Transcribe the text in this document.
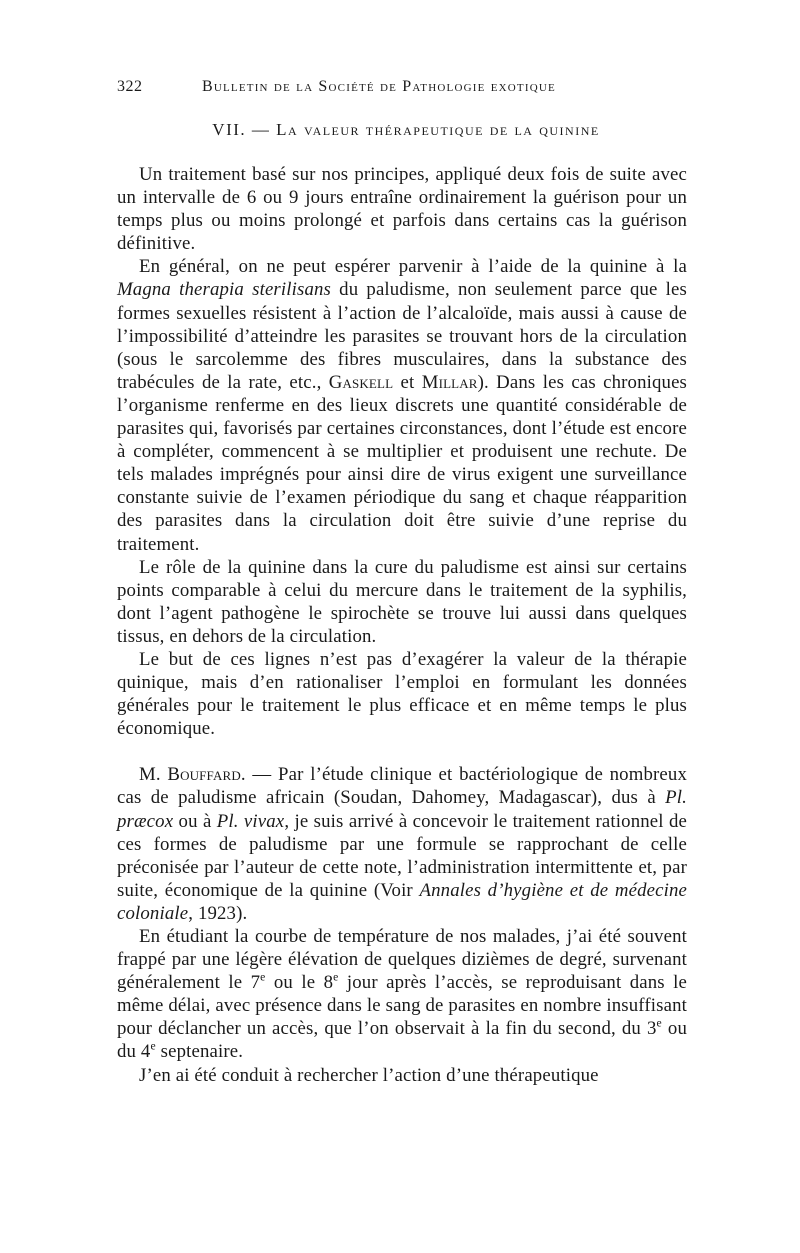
322	Bulletin de la Société de Pathologie exotique
VII. — La valeur thérapeutique de la quinine

Un traitement basé sur nos principes, appliqué deux fois de suite avec un intervalle de 6 ou 9 jours entraîne ordinairement la guérison pour un temps plus ou moins prolongé et parfois dans certains cas la guérison définitive.

En général, on ne peut espérer parvenir à l’aide de la quinine à la Magna therapia sterilisans du paludisme, non seulement parce que les formes sexuelles résistent à l’action de l’alcaloïde, mais aussi à cause de l’impossibilité d’atteindre les parasites se trouvant hors de la circulation (sous le sarcolemme des fibres musculaires, dans la substance des trabécules de la rate, etc., Gaskell et Millar). Dans les cas chroniques l’organisme renferme en des lieux discrets une quantité considérable de parasites qui, favorisés par certaines circonstances, dont l’étude est encore à compléter, commencent à se multiplier et produisent une rechute. De tels malades imprégnés pour ainsi dire de virus exigent une surveillance constante suivie de l’examen périodique du sang et chaque réapparition des parasites dans la circulation doit être suivie d’une reprise du traitement.

Le rôle de la quinine dans la cure du paludisme est ainsi sur certains points comparable à celui du mercure dans le traitement de la syphilis, dont l’agent pathogène le spirochète se trouve lui aussi dans quelques tissus, en dehors de la circulation.

Le but de ces lignes n’est pas d’exagérer la valeur de la thérapie quinique, mais d’en rationaliser l’emploi en formulant les données générales pour le traitement le plus efficace et en même temps le plus économique.

M. Bouffard. — Par l’étude clinique et bactériologique de nombreux cas de paludisme africain (Soudan, Dahomey, Madagascar), dus à Pl. præcox ou à Pl. vivax, je suis arrivé à concevoir le traitement rationnel de ces formes de paludisme par une formule se rapprochant de celle préconisée par l’auteur de cette note, l’administration intermittente et, par suite, économique de la quinine (Voir Annales d’hygiène et de médecine coloniale, 1923).

En étudiant la courbe de température de nos malades, j’ai été souvent frappé par une légère élévation de quelques dizièmes de degré, survenant généralement le 7e ou le 8e jour après l’accès, se reproduisant dans le même délai, avec présence dans le sang de parasites en nombre insuffisant pour déclancher un accès, que l’on observait à la fin du second, du 3e ou du 4e septenaire.

J’en ai été conduit à rechercher l’action d’une thérapeutique
